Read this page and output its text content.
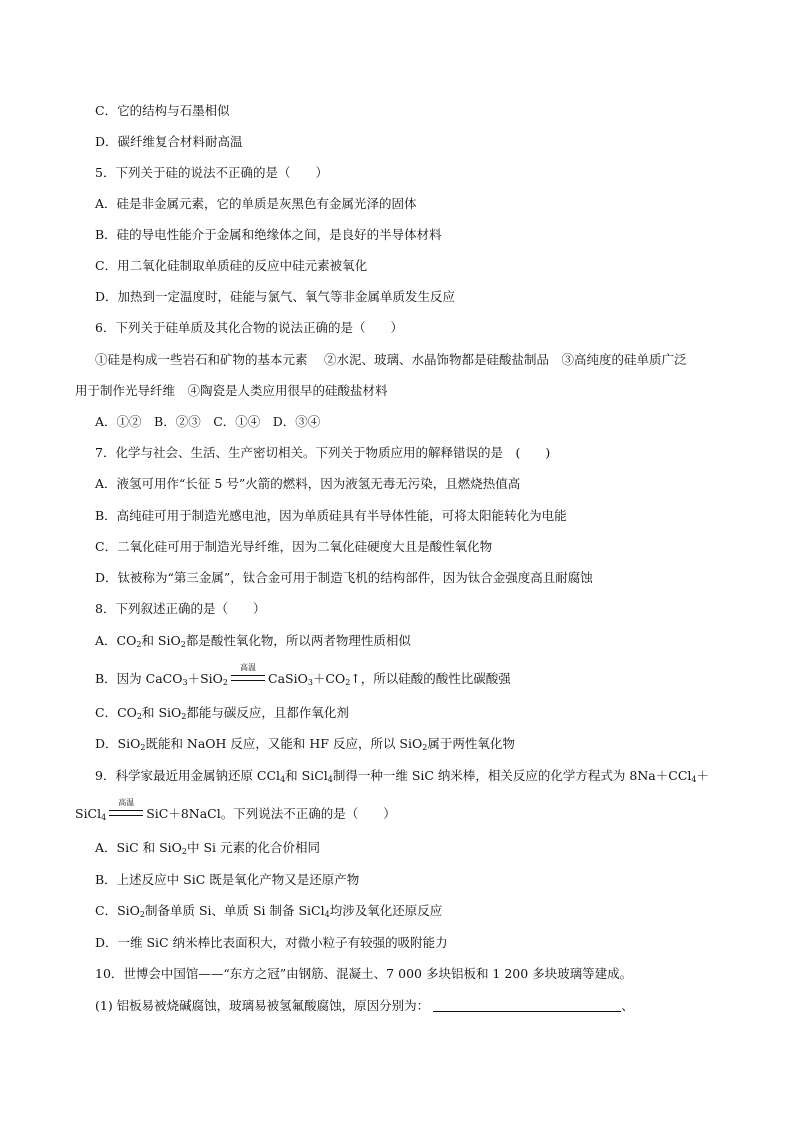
C．它的结构与石墨相似
D．碳纤维复合材料耐高温
5．下列关于硅的说法不正确的是（　　）
A．硅是非金属元素，它的单质是灰黑色有金属光泽的固体
B．硅的导电性能介于金属和绝缘体之间，是良好的半导体材料
C．用二氧化硅制取单质硅的反应中硅元素被氧化
D．加热到一定温度时，硅能与氯气、氧气等非金属单质发生反应
6．下列关于硅单质及其化合物的说法正确的是（　　）
①硅是构成一些岩石和矿物的基本元素　 ②水泥、玻璃、水晶饰物都是硅酸盐制品　③高纯度的硅单质广泛
用于制作光导纤维　④陶瓷是人类应用很早的硅酸盐材料
A．①②　B．②③　C．①④　D．③④
7．化学与社会、生活、生产密切相关。下列关于物质应用的解释错误的是　(　　)
A．液氢可用作“长征 5 号”火箭的燃料，因为液氢无毒无污染，且燃烧热值高
B．高纯硅可用于制造光感电池，因为单质硅具有半导体性能，可将太阳能转化为电能
C．二氧化硅可用于制造光导纤维，因为二氧化硅硬度大且是酸性氧化物
D．钛被称为“第三金属”，钛合金可用于制造飞机的结构部件，因为钛合金强度高且耐腐蚀
8．下列叙述正确的是（　　）
A．$CO_2$和 SiO$_2$都是酸性氧化物，所以两者物理性质相似
B．因为 CaCO$_3$＋SiO$_2$
高温
$CaSiO_3+CO_2↑$，所以硅酸的酸性比碳酸强
C．$CO_2$和 SiO$_2$都能与碳反应，且都作氧化剂
D．SiO$_2$既能和 NaOH 反应，又能和 HF 反应，所以 SiO$_2$属于两性氧化物
9．科学家最近用金属钠还原 CCl$_4$和 SiCl$_4$制得一种一维 SiC 纳米棒，相关反应的化学方程式为 8Na＋CCl$_4$＋
SiCl$_4$
高温
SiC＋8NaCl。下列说法不正确的是（　　）
A．SiC 和 SiO$_2$中 Si 元素的化合价相同
B．上述反应中 SiC 既是氧化产物又是还原产物
C．SiO$_2$制备单质 Si、单质 Si 制备 SiCl$_4$均涉及氧化还原反应
D．一维 SiC 纳米棒比表面积大，对微小粒子有较强的吸附能力
10．世博会中国馆——“东方之冠”由钢筋、混凝土、7 000 多块铝板和 1 200 多块玻璃等建成。
(1) 铝板易被烧碱腐蚀，玻璃易被氢氟酸腐蚀，原因分别为：	、
